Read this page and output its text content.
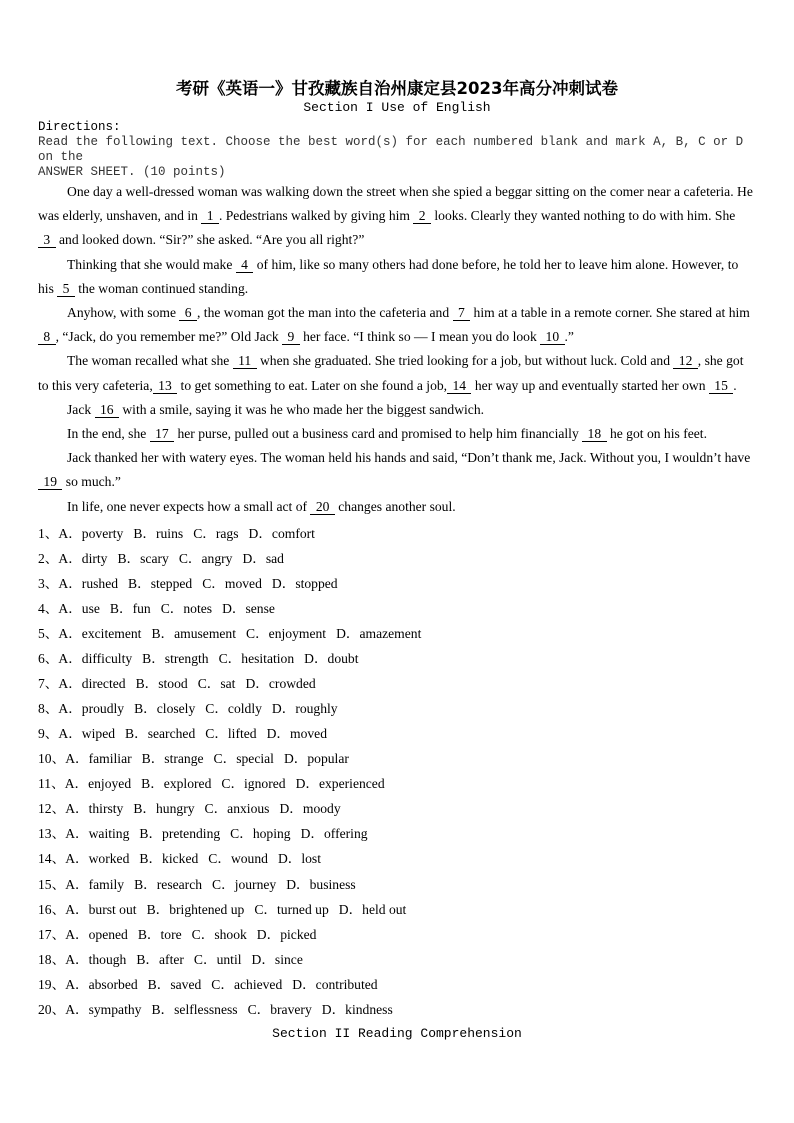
考研《英语一》甘孜藏族自治州康定县2023年高分冲刺试卷
Section I Use of English
Directions:
Read the following text. Choose the best word(s) for each numbered blank and mark A, B, C or D on the
ANSWER SHEET. (10 points)

One day a well-dressed woman was walking down the street when she spied a beggar sitting on the comer near a cafeteria. He was elderly, unshaven, and in  1 . Pedestrians walked by giving him  2  looks. Clearly they wanted nothing to do with him. She  3  and looked down. “Sir?” she asked. “Are you all right?”

Thinking that she would make  4  of him, like so many others had done before, he told her to leave him alone. However, to his  5  the woman continued standing.

Anyhow, with some  6 , the woman got the man into the cafeteria and  7  him at a table in a remote corner. She stared at him  8 , “Jack, do you remember me?” Old Jack  9  her face. “I think so — I mean you do look  10 .”

The woman recalled what she  11  when she graduated. She tried looking for a job, but without luck. Cold and  12 , she got to this very cafeteria, 13  to get something to eat. Later on she found a job, 14  her way up and eventually started her own  15 .

Jack  16  with a smile, saying it was he who made her the biggest sandwich.

In the end, she  17  her purse, pulled out a business card and promised to help him financially  18  he got on his feet.

Jack thanked her with watery eyes. The woman held his hands and said, “Don’t thank me, Jack. Without you, I wouldn’t have  19  so much.”

In life, one never expects how a small act of  20  changes another soul.

1、A．poverty B．ruins C．rags D．comfort
2、A．dirty B．scary C．angry D．sad
3、A．rushed B．stepped C．moved D．stopped
4、A．use B．fun C．notes D．sense
5、A．excitement B．amusement C．enjoyment D．amazement
6、A．difficulty B．strength C．hesitation D．doubt
7、A．directed B．stood C．sat D．crowded
8、A．proudly B．closely C．coldly D．roughly
9、A．wiped B．searched C．lifted D．moved
10、A．familiar B．strange C．special D．popular
11、A．enjoyed B．explored C．ignored D．experienced
12、A．thirsty B．hungry C．anxious D．moody
13、A．waiting B．pretending C．hoping D．offering
14、A．worked B．kicked C．wound D．lost
15、A．family B．research C．journey D．business
16、A．burst out B．brightened up C．turned up D．held out
17、A．opened B．tore C．shook D．picked
18、A．though B．after C．until D．since
19、A．absorbed B．saved C．achieved D．contributed
20、A．sympathy B．selflessness C．bravery D．kindness
Section II Reading Comprehension
